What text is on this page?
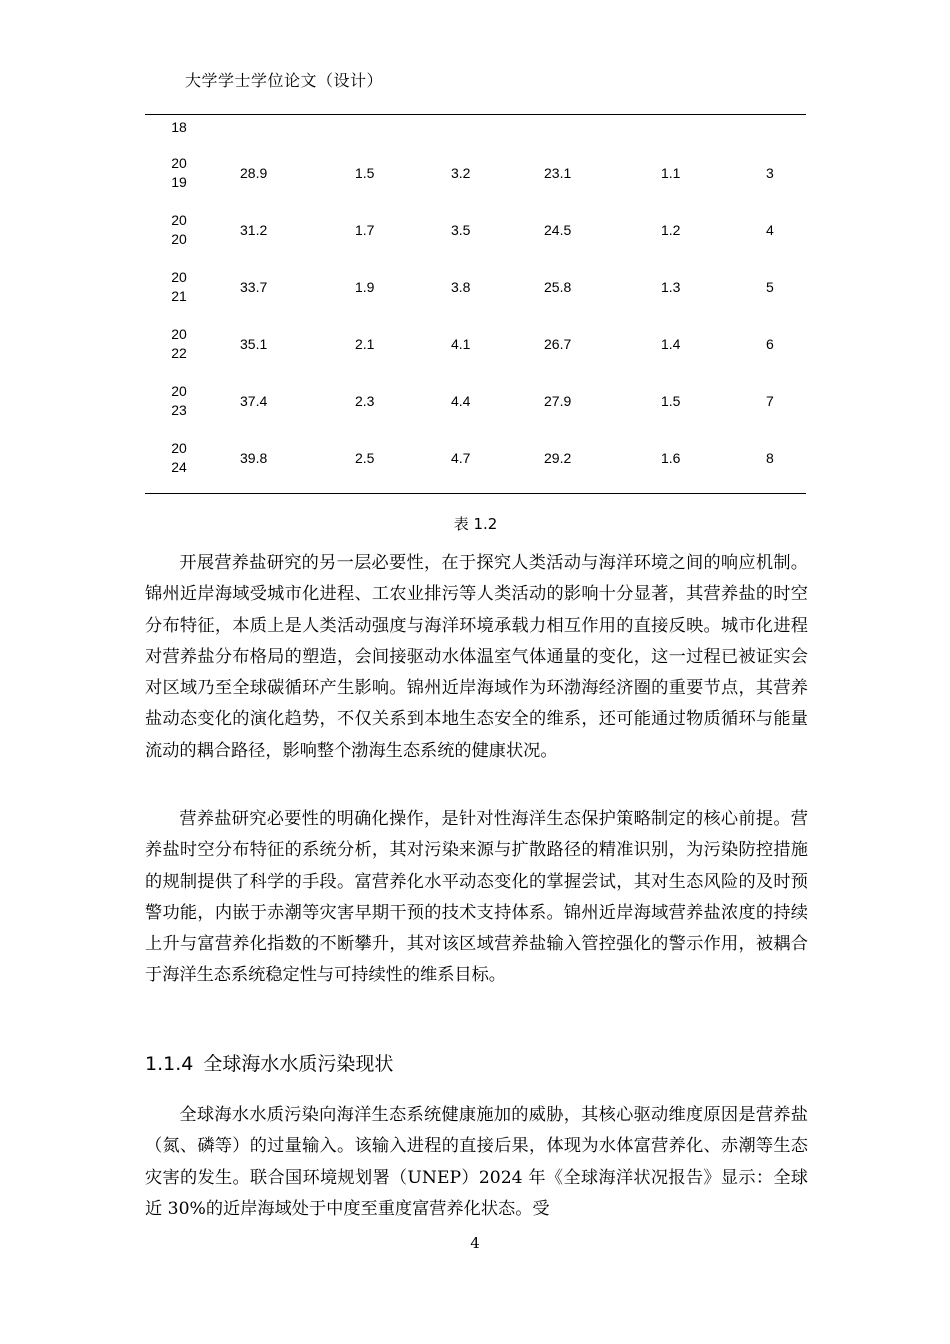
大学学士学位论文（设计）
18
20
19
28.9	1.5	3.2	23.1	1.1	3
20
20
31.2	1.7	3.5	24.5	1.2	4
20
21
33.7	1.9	3.8	25.8	1.3	5
20
22
35.1	2.1	4.1	26.7	1.4	6
20
23
37.4	2.3	4.4	27.9	1.5	7
20
24
39.8	2.5	4.7	29.2	1.6	8
表 1.2

开展营养盐研究的另一层必要性，在于探究人类活动与海洋环境之间的响应机制。锦州近岸海域受城市化进程、工农业排污等人类活动的影响十分显著，其营养盐的时空分布特征，本质上是人类活动强度与海洋环境承载力相互作用的直接反映。城市化进程对营养盐分布格局的塑造，会间接驱动水体温室气体通量的变化，这一过程已被证实会对区域乃至全球碳循环产生影响。锦州近岸海域作为环渤海经济圈的重要节点，其营养盐动态变化的演化趋势，不仅关系到本地生态安全的维系，还可能通过物质循环与能量流动的耦合路径，影响整个渤海生态系统的健康状况。

营养盐研究必要性的明确化操作，是针对性海洋生态保护策略制定的核心前提。营养盐时空分布特征的系统分析，其对污染来源与扩散路径的精准识别，为污染防控措施的规制提供了科学的手段。富营养化水平动态变化的掌握尝试，其对生态风险的及时预警功能，内嵌于赤潮等灾害早期干预的技术支持体系。锦州近岸海域营养盐浓度的持续上升与富营养化指数的不断攀升，其对该区域营养盐输入管控强化的警示作用，被耦合于海洋生态系统稳定性与可持续性的维系目标。

1.1.4 全球海水水质污染现状

全球海水水质污染向海洋生态系统健康施加的威胁，其核心驱动维度原因是营养盐（氮、磷等）的过量输入。该输入进程的直接后果，体现为水体富营养化、赤潮等生态灾害的发生。联合国环境规划署（UNEP）2024 年《全球海洋状况报告》显示：全球近 30%的近岸海域处于中度至重度富营养化状态。受

4
